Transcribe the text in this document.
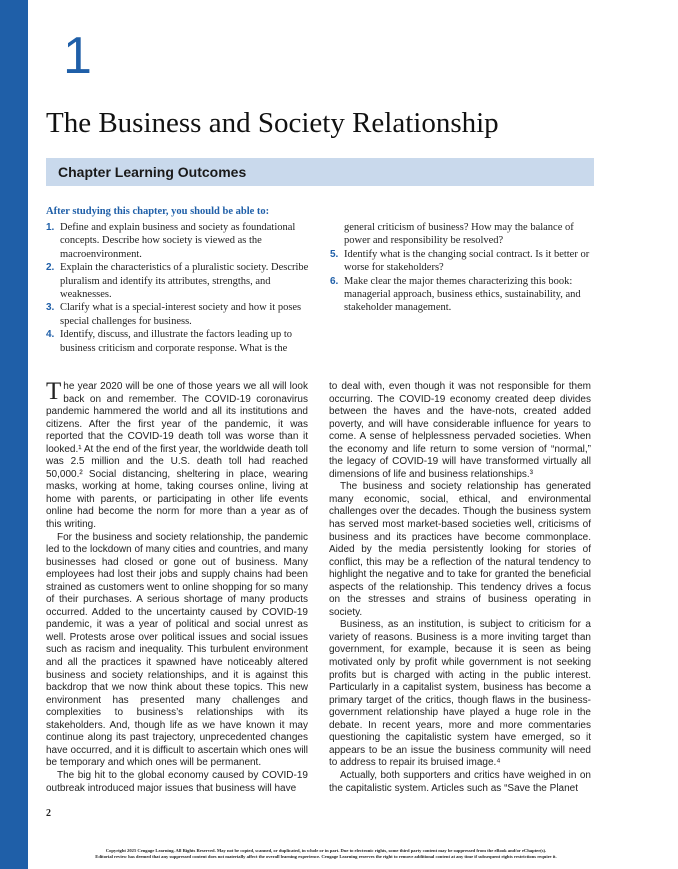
1
The Business and Society Relationship
Chapter Learning Outcomes
After studying this chapter, you should be able to:
1. Define and explain business and society as foundational concepts. Describe how society is viewed as the macroenvironment.
2. Explain the characteristics of a pluralistic society. Describe pluralism and identify its attributes, strengths, and weaknesses.
3. Clarify what is a special-interest society and how it poses special challenges for business.
4. Identify, discuss, and illustrate the factors leading up to business criticism and corporate response. What is the
general criticism of business? How may the balance of power and responsibility be resolved?
5. Identify what is the changing social contract. Is it better or worse for stakeholders?
6. Make clear the major themes characterizing this book: managerial approach, business ethics, sustainability, and stakeholder management.

The year 2020 will be one of those years we all will look back on and remember. The COVID-19 coronavirus pandemic hammered the world and all its institutions and citizens. After the first year of the pandemic, it was reported that the COVID-19 death toll was worse than it looked.¹ At the end of the first year, the worldwide death toll was 2.5 million and the U.S. death toll had reached 50,000.² Social distancing, sheltering in place, wearing masks, working at home, taking courses online, living at home with parents, or participating in other life events online had become the norm for more than a year as of this writing.

For the business and society relationship, the pandemic led to the lockdown of many cities and countries, and many businesses had closed or gone out of business. Many employees had lost their jobs and supply chains had been strained as customers went to online shopping for so many of their purchases. A serious shortage of many products occurred. Added to the uncertainty caused by COVID-19 pandemic, it was a year of political and social unrest as well. Protests arose over political issues and social issues such as racism and inequality. This turbulent environment and all the practices it spawned have noticeably altered business and society relationships, and it is against this backdrop that we now think about these topics. This new environment has presented many challenges and complexities to business’s relationships with its stakeholders. And, though life as we have known it may continue along its past trajectory, unprecedented changes have occurred, and it is difficult to ascertain which ones will be temporary and which ones will be permanent.

The big hit to the global economy caused by COVID-19 outbreak introduced major issues that business will have

to deal with, even though it was not responsible for them occurring. The COVID-19 economy created deep divides between the haves and the have-nots, created added poverty, and will have considerable influence for years to come. A sense of helplessness pervaded societies. When the economy and life return to some version of “normal,” the legacy of COVID-19 will have transformed virtually all dimensions of life and business relationships.³

The business and society relationship has generated many economic, social, ethical, and environmental challenges over the decades. Though the business system has served most market-based societies well, criticisms of business and its practices have become commonplace. Aided by the media persistently looking for stories of conflict, this may be a reflection of the natural tendency to highlight the negative and to take for granted the beneficial aspects of the relationship. This tendency drives a focus on the stresses and strains of business operating in society.

Business, as an institution, is subject to criticism for a variety of reasons. Business is a more inviting target than government, for example, because it is seen as being motivated only by profit while government is not seeking profits but is charged with acting in the public interest. Particularly in a capitalist system, business has become a primary target of the critics, though flaws in the business-government relationship have played a huge role in the debate. In recent years, more and more commentaries questioning the capitalistic system have emerged, so it appears to be an issue the business community will need to address to repair its bruised image.⁴

Actually, both supporters and critics have weighed in on the capitalistic system. Articles such as “Save the Planet

2
Copyright 2025 Cengage Learning. All Rights Reserved. May not be copied, scanned, or duplicated, in whole or in part. Due to electronic rights, some third party content may be suppressed from the eBook and/or eChapter(s).
Editorial review has deemed that any suppressed content does not materially affect the overall learning experience. Cengage Learning reserves the right to remove additional content at any time if subsequent rights restrictions require it.
